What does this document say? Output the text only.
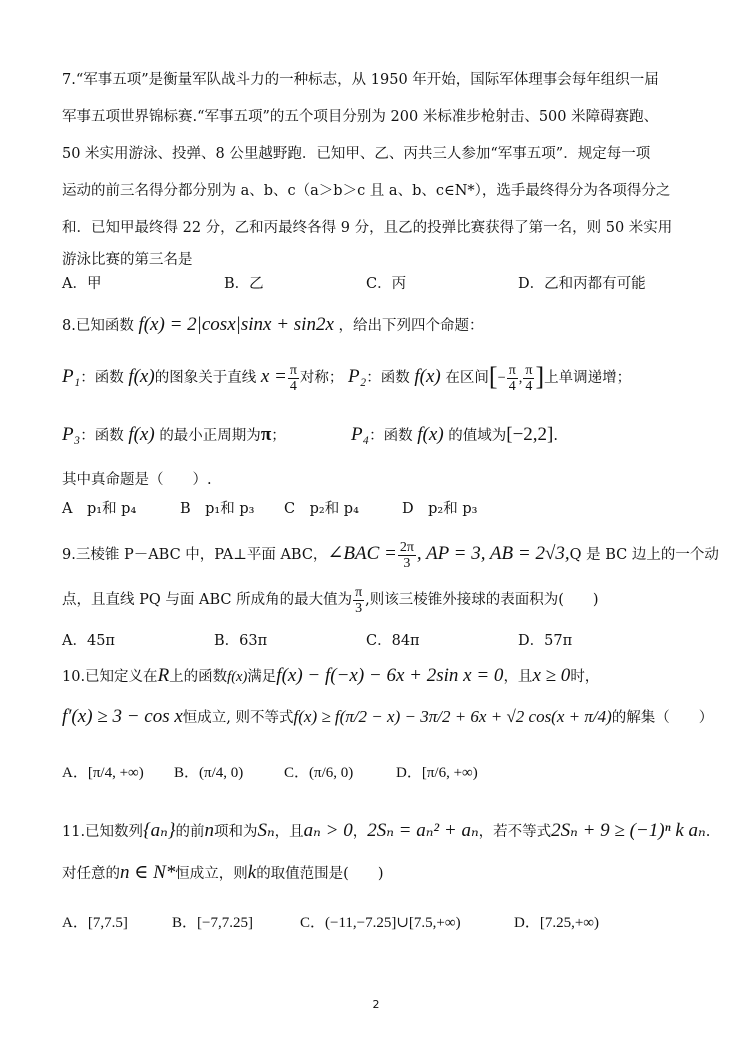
7.“军事五项”是衡量军队战斗力的一种标志，从 1950 年开始，国际军体理事会每年组织一届
军事五项世界锦标赛.“军事五项”的五个项目分别为 200 米标准步枪射击、500 米障碍赛跑、
50 米实用游泳、投弹、8 公里越野跑．已知甲、乙、丙共三人参加“军事五项”．规定每一项
运动的前三名得分都分别为 a、b、c（a＞b＞c 且 a、b、c∈N*），选手最终得分为各项得分之
和．已知甲最终得 22 分，乙和丙最终各得 9 分，且乙的投弹比赛获得了第一名，则 50 米实用
游泳比赛的第三名是
A．甲	B．乙	C．丙	D．乙和丙都有可能
8.已知函数 f(x) = 2|cosx|sinx + sin2x ，给出下列四个命题：
P₁：函数 f(x)的图象关于直线 $x = \frac{\pi}{4}$ 对称； P₂：函数 f(x) 在区间[− $\frac{\pi}{4}$ , $\frac{\pi}{4}$ ]上单调递增；
P₃：函数 f(x) 的最小正周期为π；	P₄：函数 f(x) 的值域为[−2,2].
其中真命题是（　　）.
A　p₁和 p₄	B　p₁和 p₃ C　p₂和 p₄	D　p₂和 p₃
9.三棱锥 P－ABC 中，PA⊥平面 ABC，∠BAC = $\frac{2\pi}{3}$ , AP = 3, AB = 2√3,Q 是 BC 边上的一个动
点，且直线 PQ 与面 ABC 所成角的最大值为 $\frac{\pi}{3}$ ,则该三棱锥外接球的表面积为(　　)
A．45π	B．63π	C．84π	D．57π
10.已知定义在R上的函数f(x)满足f(x) − f(−x) − 6x + 2sin x = 0，且x ≥ 0时，
f′(x) ≥ 3 − cos x恒成立, 则不等式f(x) ≥ f(π/2 − x) − 3π/2 + 6x + √2 cos(x + π/4)的解集（　　）
A．[π/4, +∞) B．(π/4, 0)	C．(π/6, 0)	D．[π/6, +∞)
11.已知数列{aₙ}的前n项和为Sₙ，且aₙ > 0，2Sₙ = aₙ² + aₙ，若不等式2Sₙ + 9 ≥ (−1)ⁿ k aₙ.
对任意的n ∈ N*恒成立，则k的取值范围是(　　)
A．[7,7.5]	B．[−7,7.25]	C．(−11,−7.25]∪[7.5,+∞)	D．[7.25,+∞)
2
